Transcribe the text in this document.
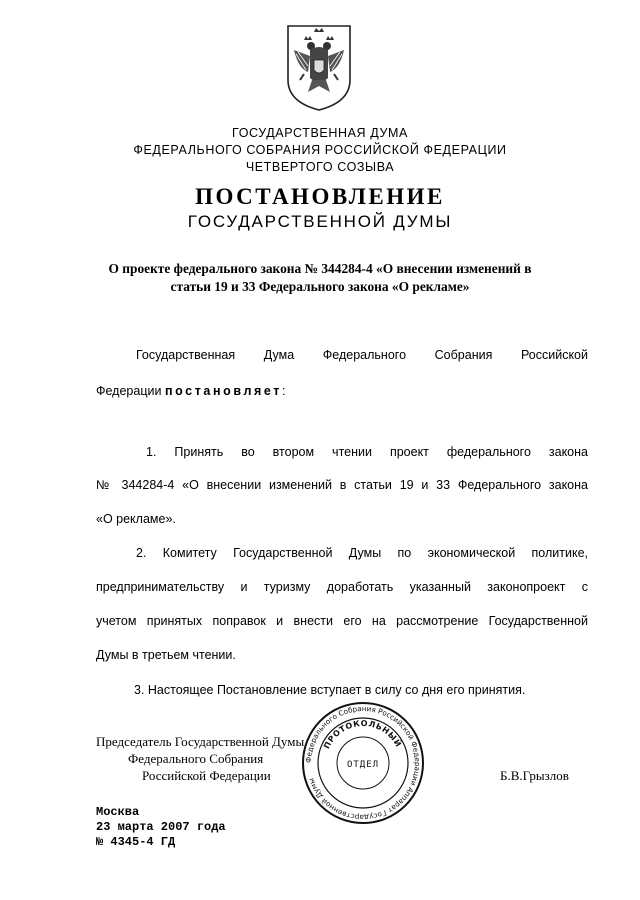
ГОСУДАРСТВЕННАЯ ДУМА
ФЕДЕРАЛЬНОГО СОБРАНИЯ РОССИЙСКОЙ ФЕДЕРАЦИИ
ЧЕТВЕРТОГО СОЗЫВА
ПОСТАНОВЛЕНИЕ
ГОСУДАРСТВЕННОЙ ДУМЫ
О проекте федерального закона № 344284-4 «О внесении изменений в
статьи 19 и 33 Федерального закона «О рекламе»
Государственная Дума Федерального Собрания Российской
Федерации постановляет:
1. Принять во втором чтении проект федерального закона
№ 344284-4 «О внесении изменений в статьи 19 и 33 Федерального закона
«О рекламе».
2. Комитету Государственной Думы по экономической политике,
предпринимательству и туризму доработать указанный законопроект с
учетом принятых поправок и внести его на рассмотрение Государственной
Думы в третьем чтении.
3. Настоящее Постановление вступает в силу со дня его принятия.
Председатель Государственной Думы
Федерального Собрания
Российской Федерации	Б.В.Грызлов
Федерального Собрания Российской Федерации Аппарат Государственной Думы
ПРОТОКОЛЬНЫЙ
ОТДЕЛ
Москва
23 марта 2007 года
№ 4345-4 ГД
